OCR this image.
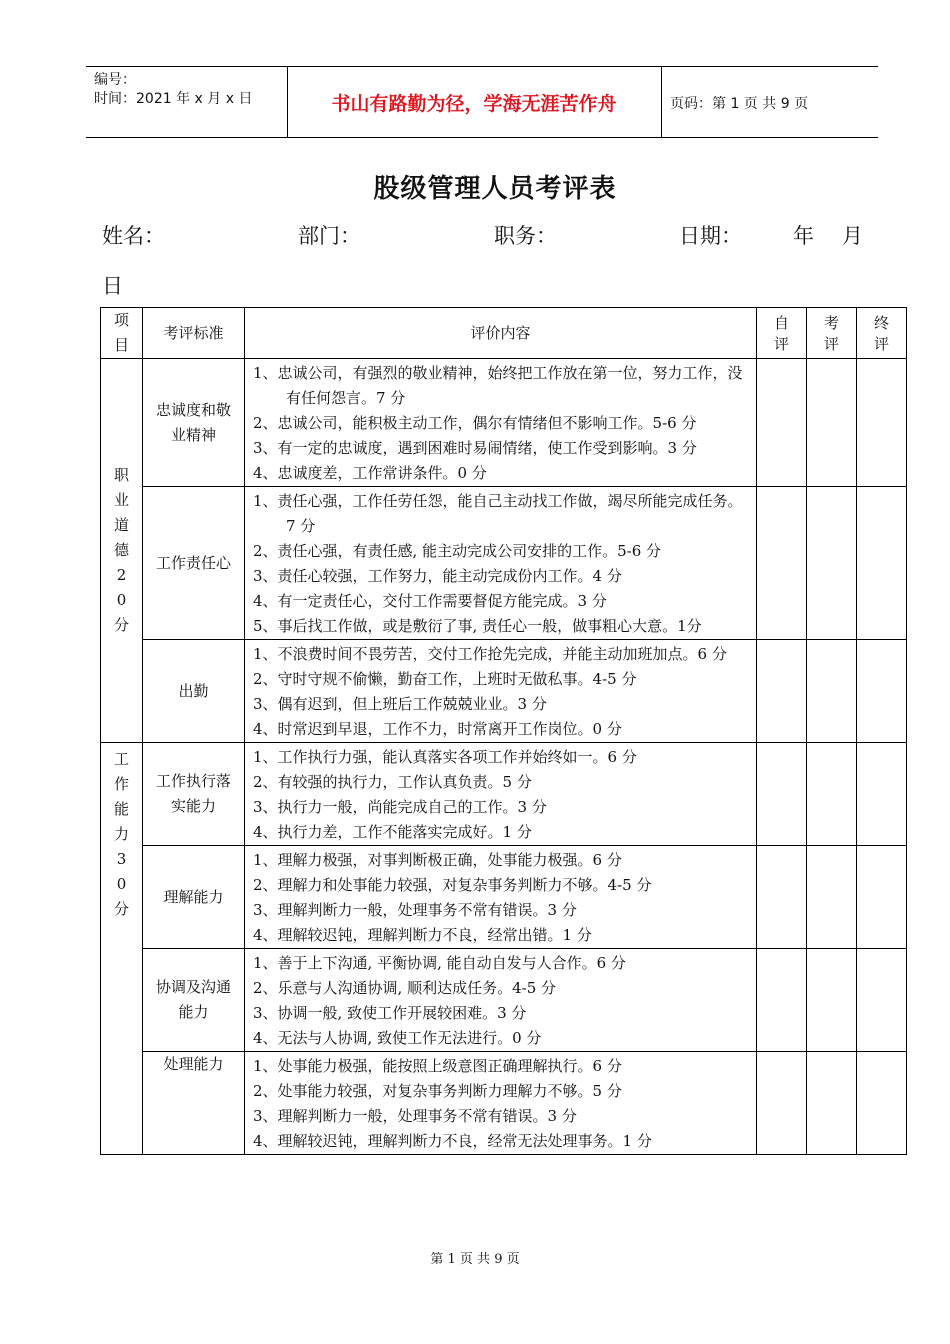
编号：
时间：2021 年 x 月 x 日	书山有路勤为径，学海无涯苦作舟	页码：第 1 页 共 9 页
股级管理人员考评表
姓名：	部门：	职务：	日期： 年 月
日
项目	考评标准	评价内容	自评	考评	终评
职业道德20分	忠诚度和敬业精神	1、忠诚公司，有强烈的敬业精神，始终把工作放在第一位，努力工作，没有任何怨言。7 分
2、忠诚公司，能积极主动工作，偶尔有情绪但不影响工作。5-6 分
3、有一定的忠诚度，遇到困难时易闹情绪，使工作受到影响。3 分
4、忠诚度差，工作常讲条件。0 分			

	工作责任心	1、责任心强，工作任劳任怨，能自己主动找工作做，竭尽所能完成任务。7 分
2、责任心强，有责任感, 能主动完成公司安排的工作。5-6 分
3、责任心较强，工作努力，能主动完成份内工作。4 分
4、有一定责任心，交付工作需要督促方能完成。3 分
5、事后找工作做，或是敷衍了事, 责任心一般，做事粗心大意。1分			

	出勤	1、不浪费时间不畏劳苦，交付工作抢先完成，并能主动加班加点。6 分
2、守时守规不偷懒，勤奋工作，上班时无做私事。4-5 分
3、偶有迟到，但上班后工作兢兢业业。3 分
4、时常迟到早退，工作不力，时常离开工作岗位。0 分			

工作能力30分	工作执行落实能力	1、工作执行力强，能认真落实各项工作并始终如一。6 分
2、有较强的执行力，工作认真负责。5 分
3、执行力一般，尚能完成自己的工作。3 分
4、执行力差，工作不能落实完成好。1 分			

	理解能力	1、理解力极强，对事判断极正确，处事能力极强。6 分
2、理解力和处事能力较强，对复杂事务判断力不够。4-5 分
3、理解判断力一般，处理事务不常有错误。3 分
4、理解较迟钝，理解判断力不良，经常出错。1 分			

	协调及沟通能力	1、善于上下沟通, 平衡协调, 能自动自发与人合作。6 分
2、乐意与人沟通协调, 顺利达成任务。4-5 分
3、协调一般, 致使工作开展较困难。3 分
4、无法与人协调, 致使工作无法进行。0 分			

	处理能力	1、处事能力极强，能按照上级意图正确理解执行。6 分
2、处事能力较强，对复杂事务判断力理解力不够。5 分
3、理解判断力一般，处理事务不常有错误。3 分
4、理解较迟钝，理解判断力不良，经常无法处理事务。1 分			

第 1 页 共 9 页
